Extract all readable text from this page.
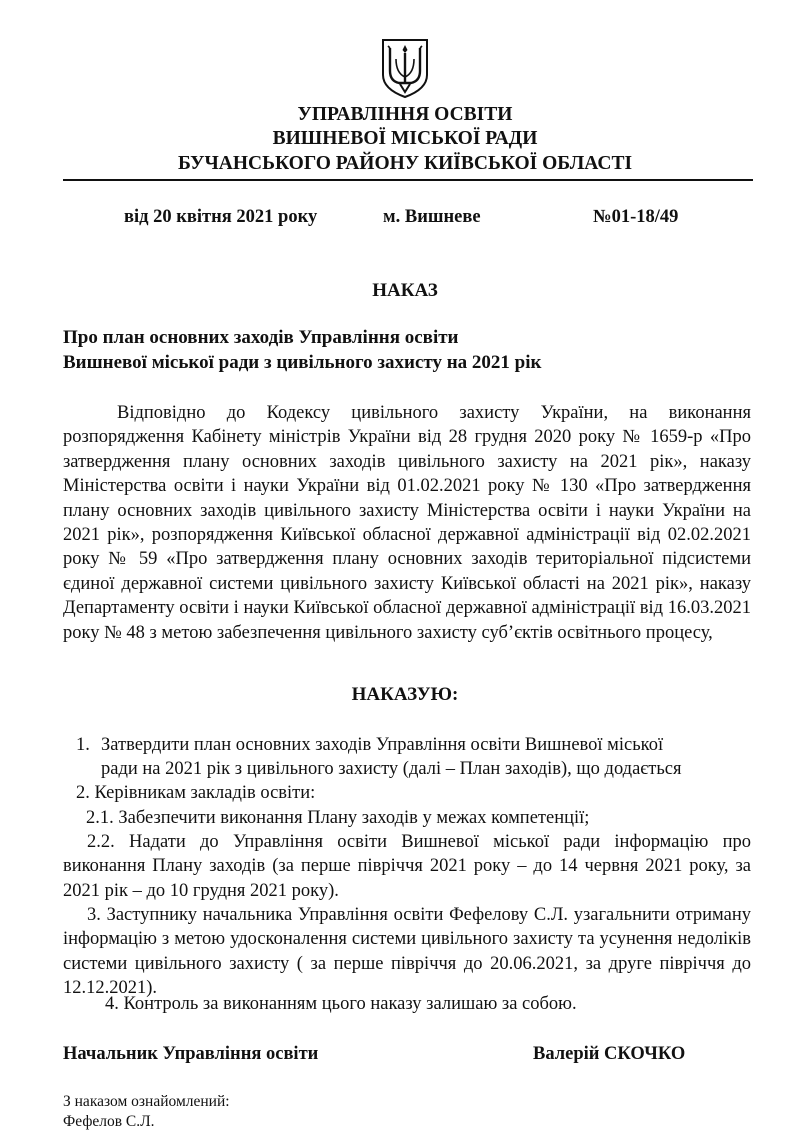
УПРАВЛІННЯ ОСВІТИ
ВИШНЕВОЇ МІСЬКОЇ РАДИ
БУЧАНСЬКОГО РАЙОНУ КИЇВСЬКОЇ ОБЛАСТІ
від 20 квітня 2021 року	м. Вишневе	№01-18/49
НАКАЗ
Про план основних заходів Управління освіти
Вишневої міської ради з цивільного захисту на 2021 рік
Відповідно до Кодексу цивільного захисту України, на виконання розпорядження Кабінету міністрів України від 28 грудня 2020 року № 1659-р «Про затвердження плану основних заходів цивільного захисту на 2021 рік», наказу Міністерства освіти і науки України від 01.02.2021 року № 130 «Про затвердження плану основних заходів цивільного захисту Міністерства освіти і науки України на 2021 рік», розпорядження Київської обласної державної адміністрації від 02.02.2021 року № 59 «Про затвердження плану основних заходів територіальної підсистеми єдиної державної системи цивільного захисту Київської області на 2021 рік», наказу Департаменту освіти і науки Київської обласної державної адміністрації від 16.03.2021 року № 48 з метою забезпечення цивільного захисту суб’єктів освітнього процесу,
НАКАЗУЮ:
1. Затвердити план основних заходів Управління освіти Вишневої міської
ради на 2021 рік з цивільного захисту (далі – План заходів), що додається
2. Керівникам закладів освіти:
2.1. Забезпечити виконання Плану заходів у межах компетенції;
2.2. Надати до Управління освіти Вишневої міської ради інформацію про виконання Плану заходів (за перше півріччя 2021 року – до 14 червня 2021 року, за 2021 рік – до 10 грудня 2021 року).
3. Заступнику начальника Управління освіти Фефелову С.Л. узагальнити отриману інформацію з метою удосконалення системи цивільного захисту та усунення недоліків системи цивільного захисту ( за перше півріччя до 20.06.2021, за друге півріччя до 12.12.2021).
4. Контроль за виконанням цього наказу залишаю за собою.
Начальник Управління освіти	Валерій СКОЧКО
З наказом ознайомлений:
Фефелов С.Л.
